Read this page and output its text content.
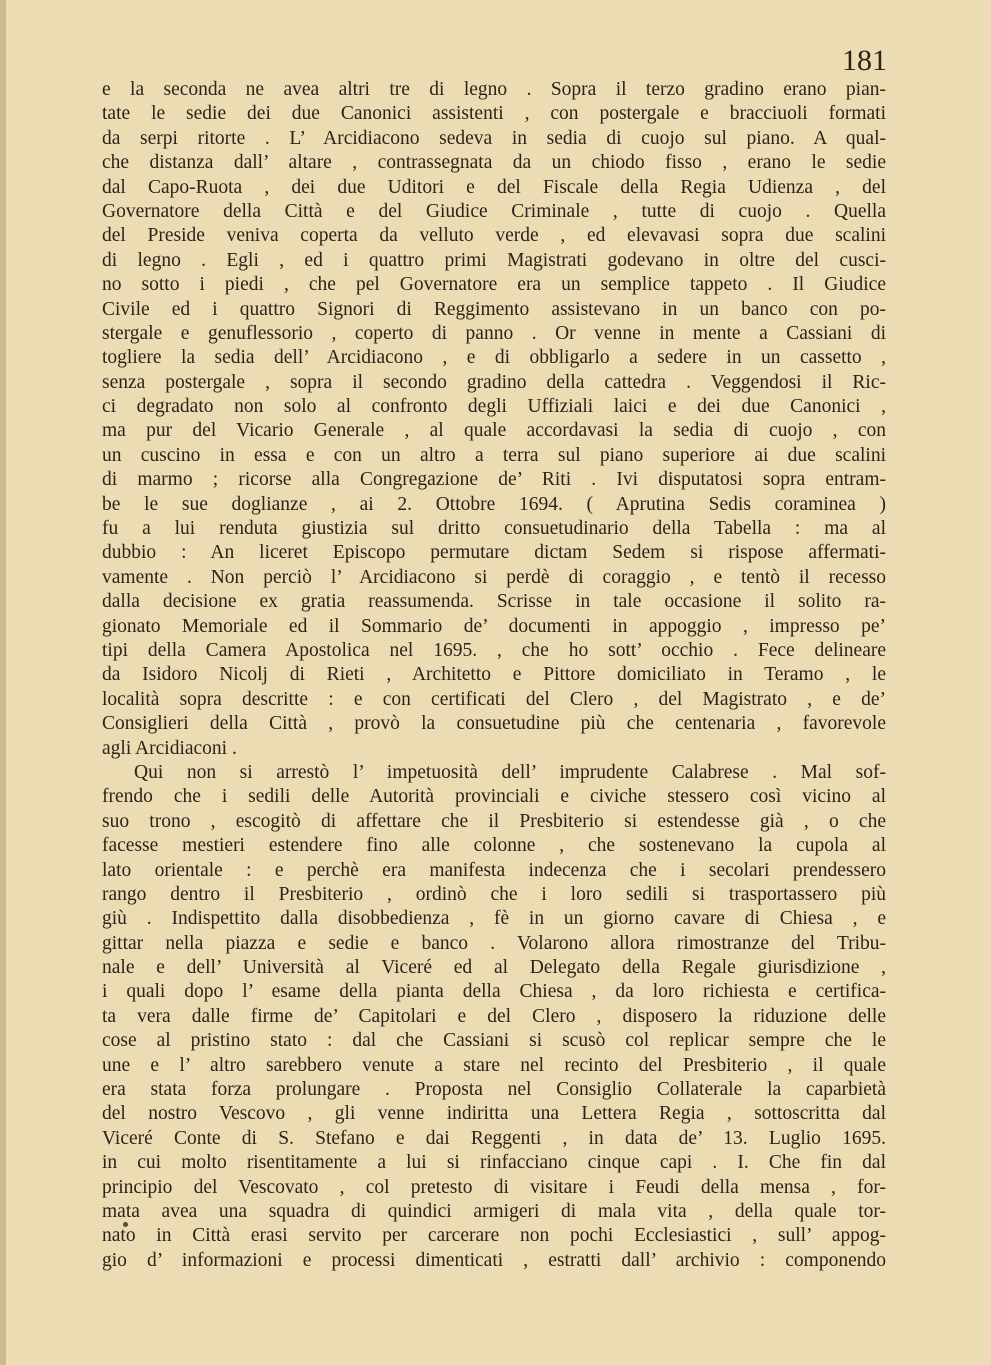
181
e la seconda ne avea altri tre di legno . Sopra il terzo gradino erano pian-
tate le sedie dei due Canonici assistenti , con postergale e bracciuoli formati
da serpi ritorte . L’ Arcidiacono sedeva in sedia di cuojo sul piano. A qual-
che distanza dall’ altare , contrassegnata da un chiodo fisso , erano le sedie
dal Capo-Ruota , dei due Uditori e del Fiscale della Regia Udienza , del
Governatore della Città e del Giudice Criminale , tutte di cuojo . Quella
del Preside veniva coperta da velluto verde , ed elevavasi sopra due scalini
di legno . Egli , ed i quattro primi Magistrati godevano in oltre del cusci-
no sotto i piedi , che pel Governatore era un semplice tappeto . Il Giudice
Civile ed i quattro Signori di Reggimento assistevano in un banco con po-
stergale e genuflessorio , coperto di panno . Or venne in mente a Cassiani di
togliere la sedia dell’ Arcidiacono , e di obbligarlo a sedere in un cassetto ,
senza postergale , sopra il secondo gradino della cattedra . Veggendosi il Ric-
ci degradato non solo al confronto degli Uffiziali laici e dei due Canonici ,
ma pur del Vicario Generale , al quale accordavasi la sedia di cuojo , con
un cuscino in essa e con un altro a terra sul piano superiore ai due scalini
di marmo ; ricorse alla Congregazione de’ Riti . Ivi disputatosi sopra entram-
be le sue doglianze , ai 2. Ottobre 1694. ( Aprutina Sedis coraminea )
fu a lui renduta giustizia sul dritto consuetudinario della Tabella : ma al
dubbio : An liceret Episcopo permutare dictam Sedem si rispose affermati-
vamente . Non perciò l’ Arcidiacono si perdè di coraggio , e tentò il recesso
dalla decisione ex gratia reassumenda. Scrisse in tale occasione il solito ra-
gionato Memoriale ed il Sommario de’ documenti in appoggio , impresso pe’
tipi della Camera Apostolica nel 1695. , che ho sott’ occhio . Fece delineare
da Isidoro Nicolj di Rieti , Architetto e Pittore domiciliato in Teramo , le
località sopra descritte : e con certificati del Clero , del Magistrato , e de’
Consiglieri della Città , provò la consuetudine più che centenaria , favorevole
agli Arcidiaconi .
Qui non si arrestò l’ impetuosità dell’ imprudente Calabrese . Mal sof-
frendo che i sedili delle Autorità provinciali e civiche stessero così vicino al
suo trono , escogitò di affettare che il Presbiterio si estendesse già , o che
facesse mestieri estendere fino alle colonne , che sostenevano la cupola al
lato orientale : e perchè era manifesta indecenza che i secolari prendessero
rango dentro il Presbiterio , ordinò che i loro sedili si trasportassero più
giù . Indispettito dalla disobbedienza , fè in un giorno cavare di Chiesa , e
gittar nella piazza e sedie e banco . Volarono allora rimostranze del Tribu-
nale e dell’ Università al Viceré ed al Delegato della Regale giurisdizione ,
i quali dopo l’ esame della pianta della Chiesa , da loro richiesta e certifica-
ta vera dalle firme de’ Capitolari e del Clero , disposero la riduzione delle
cose al pristino stato : dal che Cassiani si scusò col replicar sempre che le
une e l’ altro sarebbero venute a stare nel recinto del Presbiterio , il quale
era stata forza prolungare . Proposta nel Consiglio Collaterale la caparbietà
del nostro Vescovo , gli venne indiritta una Lettera Regia , sottoscritta dal
Viceré Conte di S. Stefano e dai Reggenti , in data de’ 13. Luglio 1695.
in cui molto risentitamente a lui si rinfacciano cinque capi . I. Che fin dal
principio del Vescovato , col pretesto di visitare i Feudi della mensa , for-
mata avea una squadra di quindici armigeri di mala vita , della quale tor-
nato in Città erasi servito per carcerare non pochi Ecclesiastici , sull’ appog-
gio d’ informazioni e processi dimenticati , estratti dall’ archivio : componendo
